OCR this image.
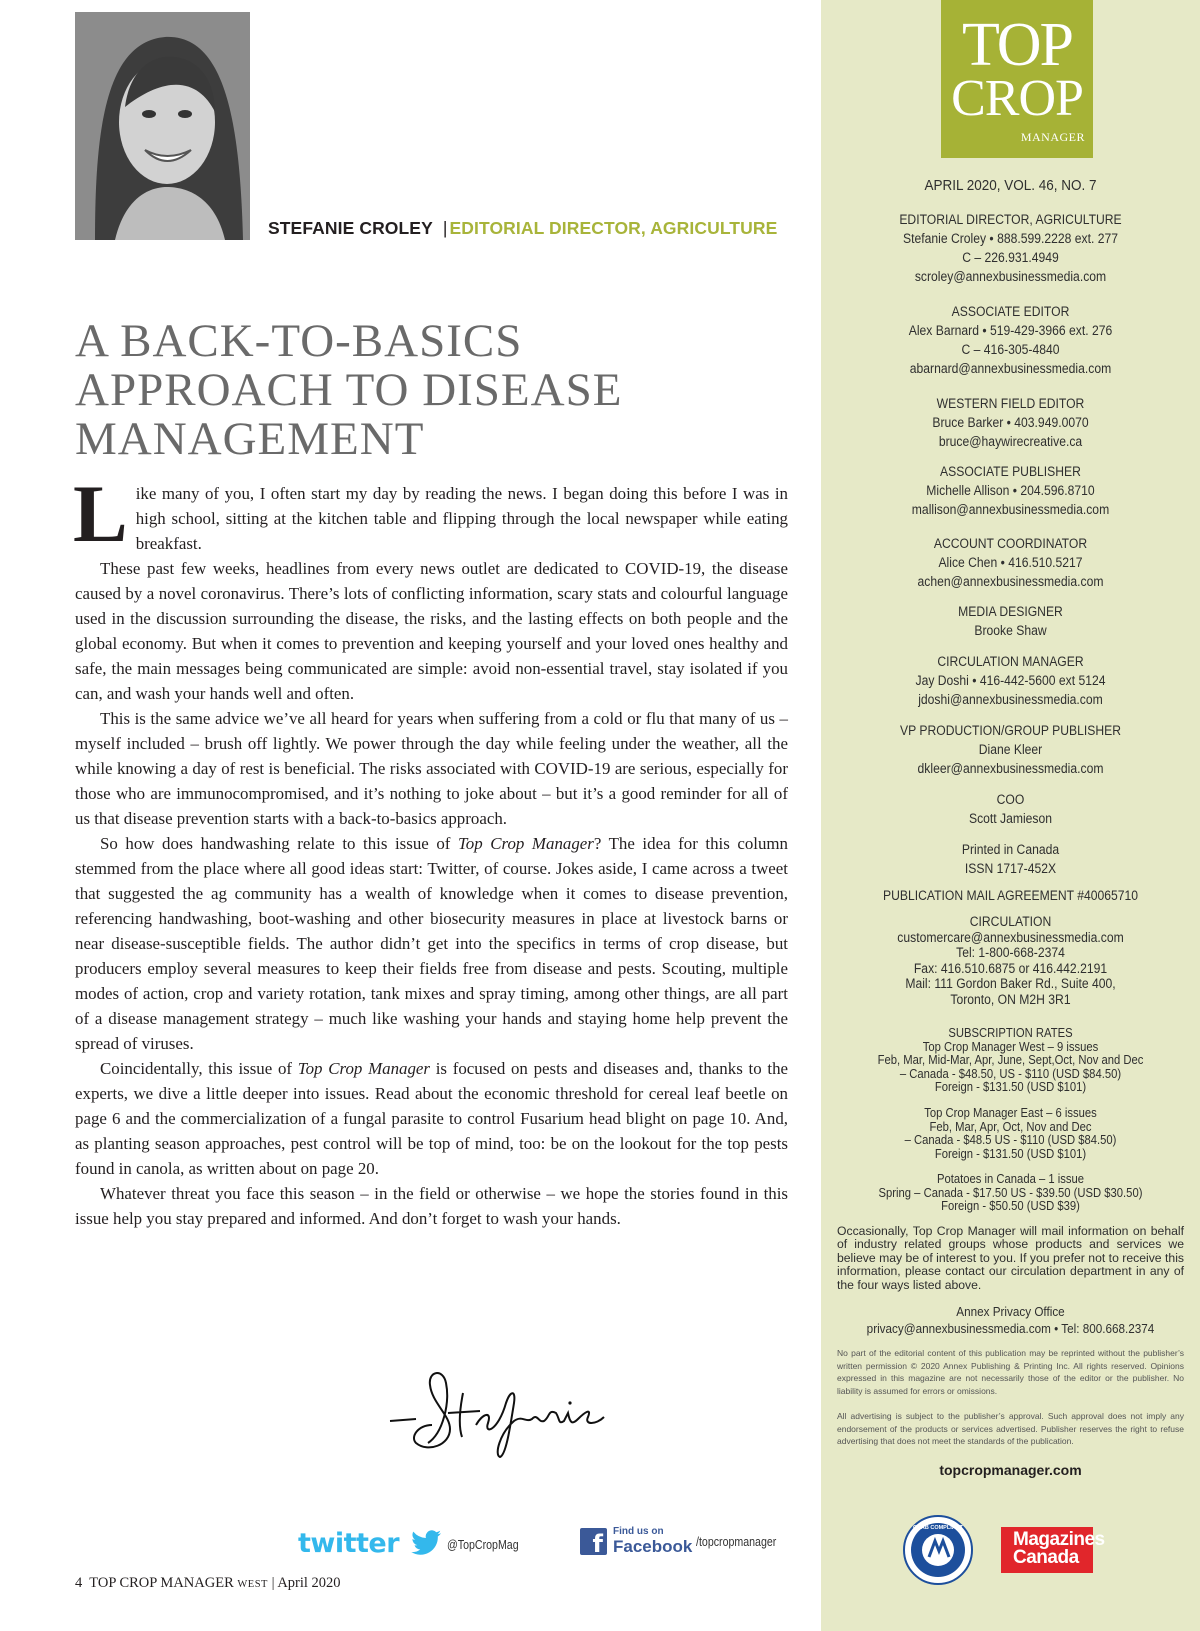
STEFANIE CROLEY | EDITORIAL DIRECTOR, AGRICULTURE
A BACK-TO-BASICS
APPROACH TO DISEASE
MANAGEMENT

Like many of you, I often start my day by reading the news. I began doing this before I was in high school, sitting at the kitchen table and flipping through the local newspaper while eating breakfast.

These past few weeks, headlines from every news outlet are dedicated to COVID-19, the disease caused by a novel coronavirus. There’s lots of conflicting information, scary stats and colourful language used in the discussion surrounding the disease, the risks, and the lasting effects on both people and the global economy. But when it comes to prevention and keeping yourself and your loved ones healthy and safe, the main messages being communicated are simple: avoid non-essential travel, stay isolated if you can, and wash your hands well and often.

This is the same advice we’ve all heard for years when suffering from a cold or flu that many of us – myself included – brush off lightly. We power through the day while feeling under the weather, all the while knowing a day of rest is beneficial. The risks associated with COVID-19 are serious, especially for those who are immunocompromised, and it’s nothing to joke about – but it’s a good reminder for all of us that disease prevention starts with a back-to-basics approach.

So how does handwashing relate to this issue of Top Crop Manager? The idea for this column stemmed from the place where all good ideas start: Twitter, of course. Jokes aside, I came across a tweet that suggested the ag community has a wealth of knowledge when it comes to disease prevention, referencing handwashing, boot-washing and other biosecurity measures in place at livestock barns or near disease-susceptible fields. The author didn’t get into the specifics in terms of crop disease, but producers employ several measures to keep their fields free from disease and pests. Scouting, multiple modes of action, crop and variety rotation, tank mixes and spray timing, among other things, are all part of a disease management strategy – much like washing your hands and staying home help prevent the spread of viruses.

Coincidentally, this issue of Top Crop Manager is focused on pests and diseases and, thanks to the experts, we dive a little deeper into issues. Read about the economic threshold for cereal leaf beetle on page 6 and the commercialization of a fungal parasite to control Fusarium head blight on page 10. And, as planting season approaches, pest control will be top of mind, too: be on the lookout for the top pests found in canola, as written about on page 20.

Whatever threat you face this season – in the field or otherwise – we hope the stories found in this issue help you stay prepared and informed. And don’t forget to wash your hands.

twitter	@TopCropMag	f	Find us on
Facebook /topcropmanager
4 TOP CROP MANAGER WEST | April 2020
TOP
CROP
MANAGER
APRIL 2020, VOL. 46, NO. 7
EDITORIAL DIRECTOR, AGRICULTURE
Stefanie Croley • 888.599.2228 ext. 277
C – 226.931.4949
scroley@annexbusinessmedia.com
ASSOCIATE EDITOR
Alex Barnard • 519-429-3966 ext. 276
C – 416-305-4840
abarnard@annexbusinessmedia.com
WESTERN FIELD EDITOR
Bruce Barker • 403.949.0070
bruce@haywirecreative.ca
ASSOCIATE PUBLISHER
Michelle Allison • 204.596.8710
mallison@annexbusinessmedia.com
ACCOUNT COORDINATOR
Alice Chen • 416.510.5217
achen@annexbusinessmedia.com
MEDIA DESIGNER
Brooke Shaw
CIRCULATION MANAGER
Jay Doshi • 416-442-5600 ext 5124
jdoshi@annexbusinessmedia.com
VP PRODUCTION/GROUP PUBLISHER
Diane Kleer
dkleer@annexbusinessmedia.com
COO
Scott Jamieson
Printed in Canada
ISSN 1717-452X
PUBLICATION MAIL AGREEMENT #40065710
CIRCULATION
customercare@annexbusinessmedia.com
Tel: 1-800-668-2374
Fax: 416.510.6875 or 416.442.2191
Mail: 111 Gordon Baker Rd., Suite 400,
Toronto, ON M2H 3R1
SUBSCRIPTION RATES
Top Crop Manager West – 9 issues
Feb, Mar, Mid-Mar, Apr, June, Sept,Oct, Nov and Dec
– Canada - $48.50, US - $110 (USD $84.50)
Foreign - $131.50 (USD $101)
Top Crop Manager East – 6 issues
Feb, Mar, Apr, Oct, Nov and Dec
– Canada - $48.5 US - $110 (USD $84.50)
Foreign - $131.50 (USD $101)
Potatoes in Canada – 1 issue
Spring – Canada - $17.50 US - $39.50 (USD $30.50)
Foreign - $50.50 (USD $39)

Occasionally, Top Crop Manager will mail information on behalf of industry related groups whose products and services we believe may be of interest to you. If you prefer not to receive this information, please contact our circulation department in any of the four ways listed above.

Annex Privacy Office
privacy@annexbusinessmedia.com • Tel: 800.668.2374

No part of the editorial content of this publication may be reprinted without the publisher’s written permission © 2020 Annex Publishing & Printing Inc. All rights reserved. Opinions expressed in this magazine are not necessarily those of the editor or the publisher. No liability is assumed for errors or omissions.

All advertising is subject to the publisher’s approval. Such approval does not imply any endorsement of the products or services advertised. Publisher reserves the right to refuse advertising that does not meet the standards of the publication.

topcropmanager.com
CCAB COMPLIANT
Magazines
Canada
